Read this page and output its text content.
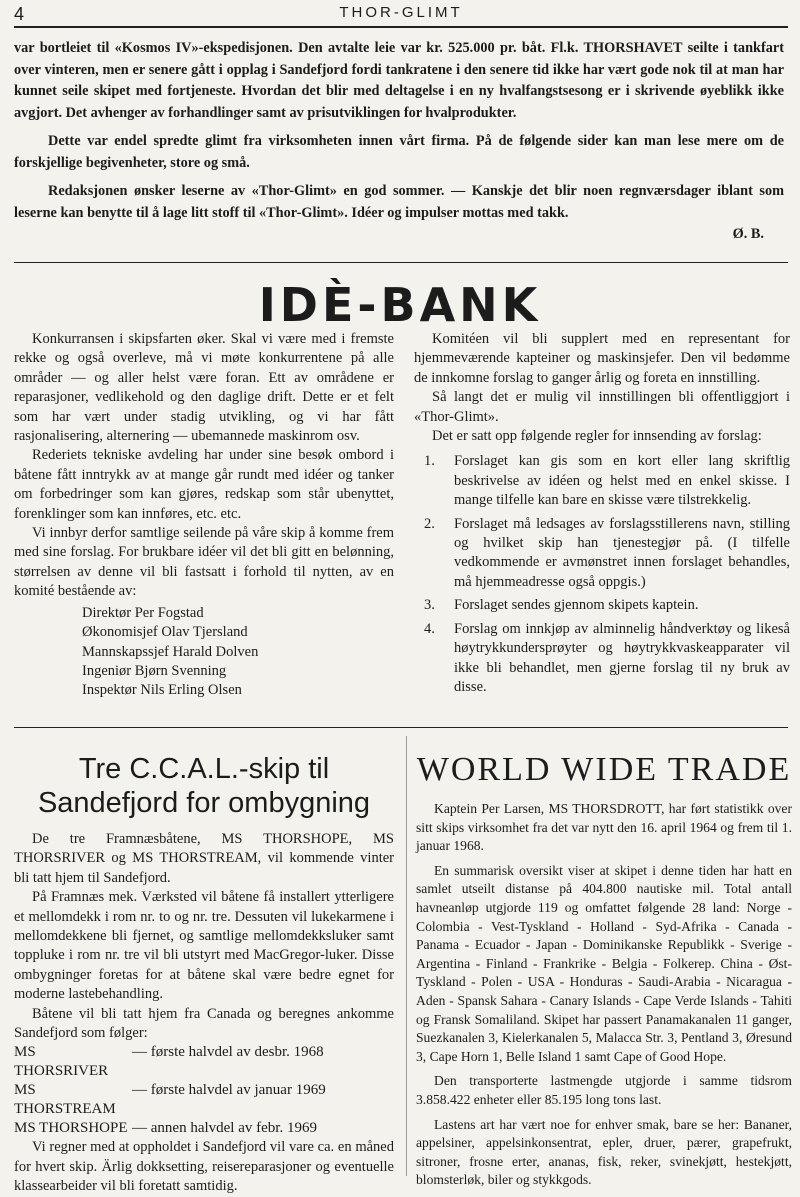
4	THOR-GLIMT

var bortleiet til «Kosmos IV»-ekspedisjonen. Den avtalte leie var kr. 525.000 pr. båt. Fl.k. THORSHAVET seilte i tankfart over vinteren, men er senere gått i opplag i Sandefjord fordi tankratene i den senere tid ikke har vært gode nok til at man har kunnet seile skipet med fortjeneste. Hvordan det blir med deltagelse i en ny hvalfangstsesong er i skrivende øyeblikk ikke avgjort. Det avhenger av forhandlinger samt av prisutviklingen for hvalprodukter.

Dette var endel spredte glimt fra virksomheten innen vårt firma. På de følgende sider kan man lese mere om de forskjellige begivenheter, store og små.

Redaksjonen ønsker leserne av «Thor-Glimt» en god sommer. — Kanskje det blir noen regnværsdager iblant som leserne kan benytte til å lage litt stoff til «Thor-Glimt». Idéer og impulser mottas med takk.

Ø. B.

IDÈ-BANK

Konkurransen i skipsfarten øker. Skal vi være med i fremste rekke og også overleve, må vi møte konkurrentene på alle områder — og aller helst være foran. Ett av områdene er reparasjoner, vedlikehold og den daglige drift. Dette er et felt som har vært under stadig utvikling, og vi har fått rasjonalisering, alternering — ubemannede maskinrom osv.

Rederiets tekniske avdeling har under sine besøk ombord i båtene fått inntrykk av at mange går rundt med idéer og tanker om forbedringer som kan gjøres, redskap som står ubenyttet, forenklinger som kan innføres, etc. etc.

Vi innbyr derfor samtlige seilende på våre skip å komme frem med sine forslag. For brukbare idéer vil det bli gitt en belønning, størrelsen av denne vil bli fastsatt i forhold til nytten, av en komité bestående av:

Direktør Per Fogstad
Økonomisjef Olav Tjersland
Mannskapssjef Harald Dolven
Ingeniør Bjørn Svenning
Inspektør Nils Erling Olsen

Komitéen vil bli supplert med en representant for hjemmeværende kapteiner og maskinsjefer. Den vil bedømme de innkomne forslag to ganger årlig og foreta en innstilling.

Så langt det er mulig vil innstillingen bli offentliggjort i «Thor-Glimt».

Det er satt opp følgende regler for innsending av forslag:

1.	Forslaget kan gis som en kort eller lang skriftlig beskrivelse av idéen og helst med en enkel skisse. I mange tilfelle kan bare en skisse være tilstrekkelig.
2.	Forslaget må ledsages av forslagsstillerens navn, stilling og hvilket skip han tjenestegjør på. (I tilfelle vedkommende er avmønstret innen forslaget behandles, må hjemmeadresse også oppgis.)
3.	Forslaget sendes gjennom skipets kaptein.
4.	Forslag om innkjøp av alminnelig håndverktøy og likeså høytrykkundersprøyter og høytrykkvaskeapparater vil ikke bli behandlet, men gjerne forslag til ny bruk av disse.
Tre C.C.A.L.-skip til
Sandefjord for ombygning

De tre Framnæsbåtene, MS THORSHOPE, MS THORSRIVER og MS THORSTREAM, vil kommende vinter bli tatt hjem til Sandefjord.

På Framnæs mek. Værksted vil båtene få installert ytterligere et mellomdekk i rom nr. to og nr. tre. Dessuten vil lukekarmene i mellomdekkene bli fjernet, og samtlige mellomdekksluker samt toppluke i rom nr. tre vil bli utstyrt med MacGregor-luker. Disse ombygninger foretas for at båtene skal være bedre egnet for moderne lastebehandling.

Båtene vil bli tatt hjem fra Canada og beregnes ankomme Sandefjord som følger:

MS THORSRIVER
— første halvdel av desbr. 1968
MS THORSTREAM
— første halvdel av januar 1969
MS THORSHOPE — annen halvdel av febr. 1969

Vi regner med at oppholdet i Sandefjord vil vare ca. en måned for hvert skip. Ärlig dokksetting, reisereparasjoner og eventuelle klassearbeider vil bli foretatt samtidig.

WORLD WIDE TRADE

Kaptein Per Larsen, MS THORSDROTT, har ført statistikk over sitt skips virksomhet fra det var nytt den 16. april 1964 og frem til 1. januar 1968.

En summarisk oversikt viser at skipet i denne tiden har hatt en samlet utseilt distanse på 404.800 nautiske mil. Total antall havneanløp utgjorde 119 og omfattet følgende 28 land: Norge - Colombia - Vest-Tyskland - Holland - Syd-Afrika - Canada - Panama - Ecuador - Japan - Dominikanske Republikk - Sverige - Argentina - Finland - Frankrike - Belgia - Folkerep. China - Øst-Tyskland - Polen - USA - Honduras - Saudi-Arabia - Nicaragua - Aden - Spansk Sahara - Canary Islands - Cape Verde Islands - Tahiti og Fransk Somaliland. Skipet har passert Panamakanalen 11 ganger, Suezkanalen 3, Kielerkanalen 5, Malacca Str. 3, Pentland 3, Øresund 3, Cape Horn 1, Belle Island 1 samt Cape of Good Hope.

Den transporterte lastmengde utgjorde i samme tidsrom 3.858.422 enheter eller 85.195 long tons last.

Lastens art har vært noe for enhver smak, bare se her: Bananer, appelsiner, appelsinkonsentrat, epler, druer, pærer, grapefrukt, sitroner, frosne erter, ananas, fisk, reker, svinekjøtt, hestekjøtt, blomsterløk, biler og stykkgods.
